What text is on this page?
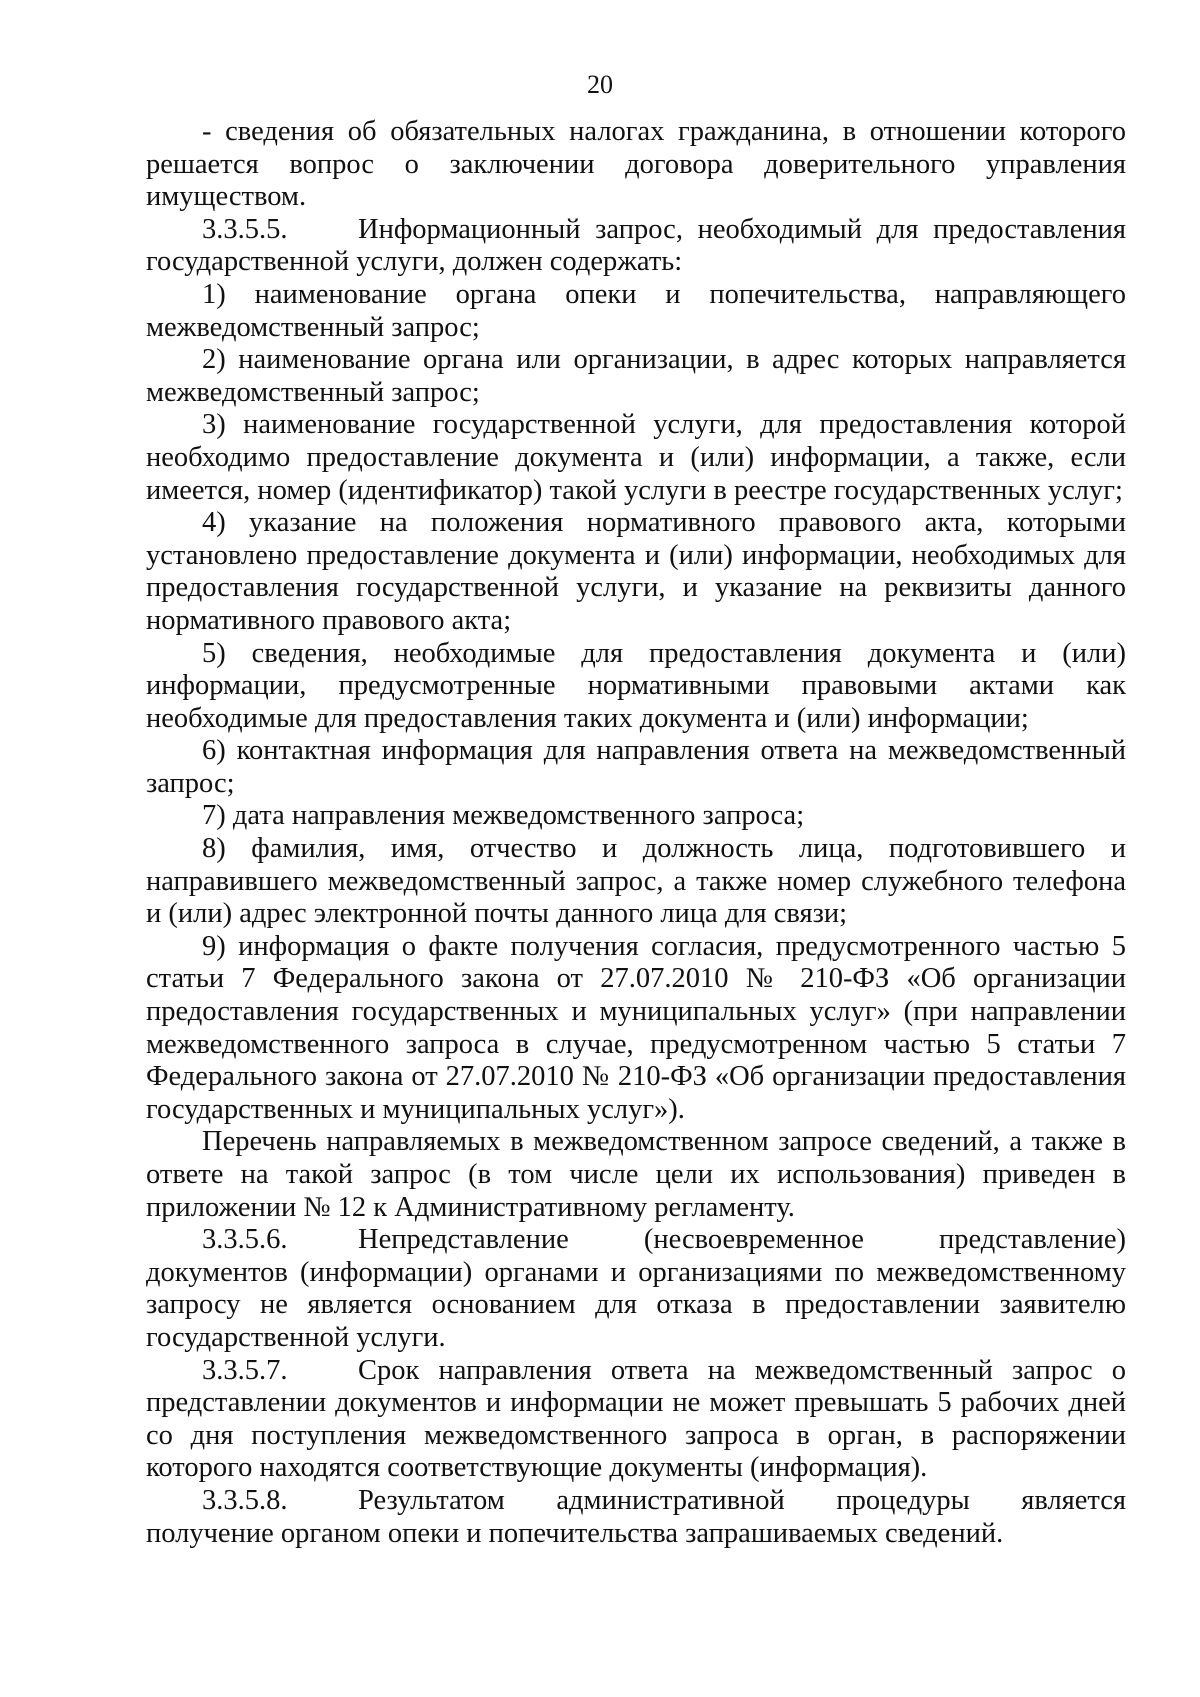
20

- сведения об обязательных налогах гражданина, в отношении которого решается вопрос о заключении договора доверительного управления имуществом.

3.3.5.5. Информационный запрос, необходимый для предоставления государственной услуги, должен содержать:

1) наименование органа опеки и попечительства, направляющего межведомственный запрос;

2) наименование органа или организации, в адрес которых направляется межведомственный запрос;

3) наименование государственной услуги, для предоставления которой необходимо предоставление документа и (или) информации, а также, если имеется, номер (идентификатор) такой услуги в реестре государственных услуг;

4) указание на положения нормативного правового акта, которыми установлено предоставление документа и (или) информации, необходимых для предоставления государственной услуги, и указание на реквизиты данного нормативного правового акта;

5) сведения, необходимые для предоставления документа и (или) информации, предусмотренные нормативными правовыми актами как необходимые для предоставления таких документа и (или) информации;

6) контактная информация для направления ответа на межведомственный запрос;

7) дата направления межведомственного запроса;

8) фамилия, имя, отчество и должность лица, подготовившего и направившего межведомственный запрос, а также номер служебного телефона и (или) адрес электронной почты данного лица для связи;

9) информация о факте получения согласия, предусмотренного частью 5 статьи 7 Федерального закона от 27.07.2010 № 210-ФЗ «Об организации предоставления государственных и муниципальных услуг» (при направлении межведомственного запроса в случае, предусмотренном частью 5 статьи 7 Федерального закона от 27.07.2010 № 210-ФЗ «Об организации предоставления государственных и муниципальных услуг»).

Перечень направляемых в межведомственном запросе сведений, а также в ответе на такой запрос (в том числе цели их использования) приведен в приложении № 12 к Административному регламенту.

3.3.5.6. Непредставление (несвоевременное представление) документов (информации) органами и организациями по межведомственному запросу не является основанием для отказа в предоставлении заявителю государственной услуги.

3.3.5.7. Срок направления ответа на межведомственный запрос о представлении документов и информации не может превышать 5 рабочих дней со дня поступления межведомственного запроса в орган, в распоряжении которого находятся соответствующие документы (информация).

3.3.5.8. Результатом административной процедуры является получение органом опеки и попечительства запрашиваемых сведений.
